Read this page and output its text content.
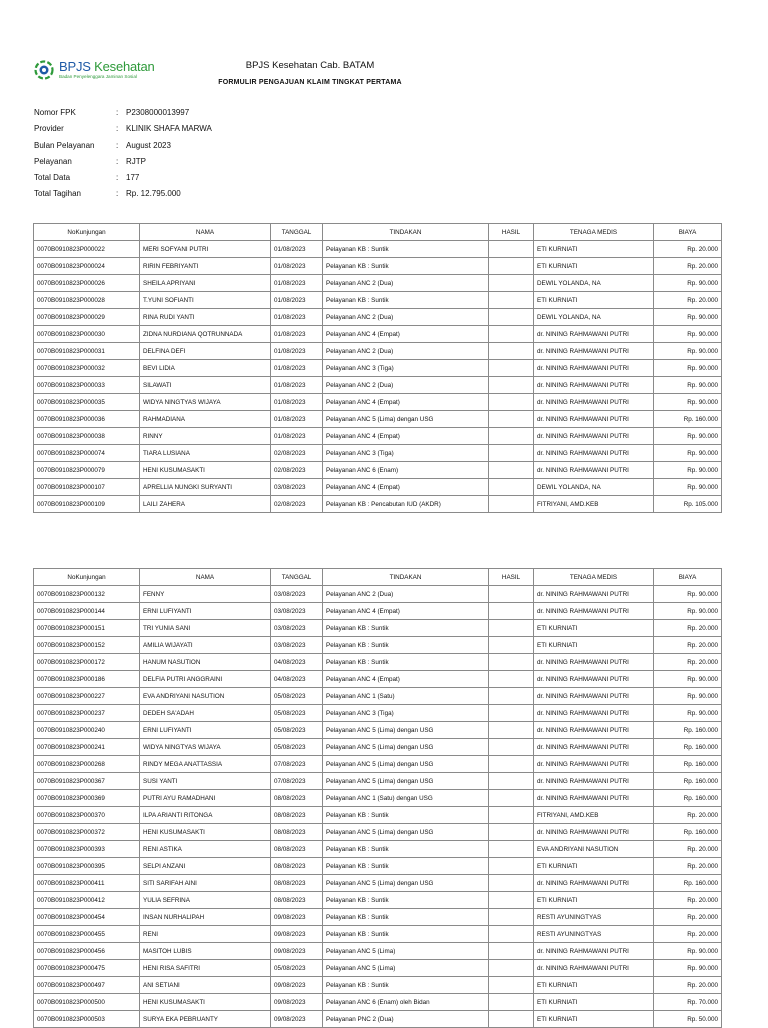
BPJS Kesehatan
Badan Penyelenggara Jaminan Sosial
BPJS Kesehatan Cab. BATAM
FORMULIR PENGAJUAN KLAIM TINGKAT PERTAMA
Nomor FPK	: P2308000013997
Provider	: KLINIK SHAFA MARWA
Bulan Pelayanan	: August 2023
Pelayanan	: RJTP
Total Data	: 177
Total Tagihan	: Rp. 12.795.000
NoKunjungan	NAMA	TANGGAL	TINDAKAN	HASIL	TENAGA MEDIS	BIAYA
0070B0910823P000022	MERI SOFYANI PUTRI	01/08/2023	Pelayanan KB : Suntik		ETI KURNIATI	Rp. 20.000
0070B0910823P000024	RIRIN FEBRIYANTI	01/08/2023	Pelayanan KB : Suntik		ETI KURNIATI	Rp. 20.000
0070B0910823P000026	SHEILA APRIYANI	01/08/2023	Pelayanan ANC 2 (Dua)		DEWIL YOLANDA, NA	Rp. 90.000
0070B0910823P000028	T.YUNI SOFIANTI	01/08/2023	Pelayanan KB : Suntik		ETI KURNIATI	Rp. 20.000
0070B0910823P000029	RINA RUDI YANTI	01/08/2023	Pelayanan ANC 2 (Dua)		DEWIL YOLANDA, NA	Rp. 90.000
0070B0910823P000030	ZIDNA NURDIANA QOTRUNNADA	01/08/2023	Pelayanan ANC 4 (Empat)		dr. NINING RAHMAWANI PUTRI	Rp. 90.000
0070B0910823P000031	DELFINA DEFI	01/08/2023	Pelayanan ANC 2 (Dua)		dr. NINING RAHMAWANI PUTRI	Rp. 90.000
0070B0910823P000032	BEVI LIDIA	01/08/2023	Pelayanan ANC 3 (Tiga)		dr. NINING RAHMAWANI PUTRI	Rp. 90.000
0070B0910823P000033	SILAWATI	01/08/2023	Pelayanan ANC 2 (Dua)		dr. NINING RAHMAWANI PUTRI	Rp. 90.000
0070B0910823P000035	WIDYA NINGTYAS WIJAYA	01/08/2023	Pelayanan ANC 4 (Empat)		dr. NINING RAHMAWANI PUTRI	Rp. 90.000
0070B0910823P000036	RAHMADIANA	01/08/2023	Pelayanan ANC 5 (Lima) dengan USG		dr. NINING RAHMAWANI PUTRI	Rp. 160.000
0070B0910823P000038	RINNY	01/08/2023	Pelayanan ANC 4 (Empat)		dr. NINING RAHMAWANI PUTRI	Rp. 90.000
0070B0910823P000074	TIARA LUSIANA	02/08/2023	Pelayanan ANC 3 (Tiga)		dr. NINING RAHMAWANI PUTRI	Rp. 90.000
0070B0910823P000079	HENI KUSUMASAKTI	02/08/2023	Pelayanan ANC 6 (Enam)		dr. NINING RAHMAWANI PUTRI	Rp. 90.000
0070B0910823P000107	APRELLIA NUNGKI SURYANTI	03/08/2023	Pelayanan ANC 4 (Empat)		DEWIL YOLANDA, NA	Rp. 90.000
0070B0910823P000109	LAILI ZAHERA	02/08/2023	Pelayanan KB : Pencabutan IUD (AKDR)		FITRIYANI, AMD.KEB	Rp. 105.000
NoKunjungan	NAMA	TANGGAL	TINDAKAN	HASIL	TENAGA MEDIS	BIAYA
0070B0910823P000132	FENNY	03/08/2023	Pelayanan ANC 2 (Dua)		dr. NINING RAHMAWANI PUTRI	Rp. 90.000
0070B0910823P000144	ERNI LUFIYANTI	03/08/2023	Pelayanan ANC 4 (Empat)		dr. NINING RAHMAWANI PUTRI	Rp. 90.000
0070B0910823P000151	TRI YUNIA SANI	03/08/2023	Pelayanan KB : Suntik		ETI KURNIATI	Rp. 20.000
0070B0910823P000152	AMILIA WIJAYATI	03/08/2023	Pelayanan KB : Suntik		ETI KURNIATI	Rp. 20.000
0070B0910823P000172	HANUM NASUTION	04/08/2023	Pelayanan KB : Suntik		dr. NINING RAHMAWANI PUTRI	Rp. 20.000
0070B0910823P000186	DELFIA PUTRI ANGGRAINI	04/08/2023	Pelayanan ANC 4 (Empat)		dr. NINING RAHMAWANI PUTRI	Rp. 90.000
0070B0910823P000227	EVA ANDRIYANI NASUTION	05/08/2023	Pelayanan ANC 1 (Satu)		dr. NINING RAHMAWANI PUTRI	Rp. 90.000
0070B0910823P000237	DEDEH SA'ADAH	05/08/2023	Pelayanan ANC 3 (Tiga)		dr. NINING RAHMAWANI PUTRI	Rp. 90.000
0070B0910823P000240	ERNI LUFIYANTI	05/08/2023	Pelayanan ANC 5 (Lima) dengan USG		dr. NINING RAHMAWANI PUTRI	Rp. 160.000
0070B0910823P000241	WIDYA NINGTYAS WIJAYA	05/08/2023	Pelayanan ANC 5 (Lima) dengan USG		dr. NINING RAHMAWANI PUTRI	Rp. 160.000
0070B0910823P000268	RINDY MEGA ANATTASSIA	07/08/2023	Pelayanan ANC 5 (Lima) dengan USG		dr. NINING RAHMAWANI PUTRI	Rp. 160.000
0070B0910823P000367	SUSI YANTI	07/08/2023	Pelayanan ANC 5 (Lima) dengan USG		dr. NINING RAHMAWANI PUTRI	Rp. 160.000
0070B0910823P000369	PUTRI AYU RAMADHANI	08/08/2023	Pelayanan ANC 1 (Satu) dengan USG		dr. NINING RAHMAWANI PUTRI	Rp. 160.000
0070B0910823P000370	ILPA ARIANTI RITONGA	08/08/2023	Pelayanan KB : Suntik		FITRIYANI, AMD.KEB	Rp. 20.000
0070B0910823P000372	HENI KUSUMASAKTI	08/08/2023	Pelayanan ANC 5 (Lima) dengan USG		dr. NINING RAHMAWANI PUTRI	Rp. 160.000
0070B0910823P000393	RENI ASTIKA	08/08/2023	Pelayanan KB : Suntik		EVA ANDRIYANI NASUTION	Rp. 20.000
0070B0910823P000395	SELPI ANZANI	08/08/2023	Pelayanan KB : Suntik		ETI KURNIATI	Rp. 20.000
0070B0910823P000411	SITI SARIFAH AINI	08/08/2023	Pelayanan ANC 5 (Lima) dengan USG		dr. NINING RAHMAWANI PUTRI	Rp. 160.000
0070B0910823P000412	YULIA SEFRINA	08/08/2023	Pelayanan KB : Suntik		ETI KURNIATI	Rp. 20.000
0070B0910823P000454	INSAN NURHALIPAH	09/08/2023	Pelayanan KB : Suntik		RESTI AYUNINGTYAS	Rp. 20.000
0070B0910823P000455	RENI	09/08/2023	Pelayanan KB : Suntik		RESTI AYUNINGTYAS	Rp. 20.000
0070B0910823P000456	MASITOH LUBIS	09/08/2023	Pelayanan ANC 5 (Lima)		dr. NINING RAHMAWANI PUTRI	Rp. 90.000
0070B0910823P000475	HENI RISA SAFITRI	05/08/2023	Pelayanan ANC 5 (Lima)		dr. NINING RAHMAWANI PUTRI	Rp. 90.000
0070B0910823P000497	ANI SETIANI	09/08/2023	Pelayanan KB : Suntik		ETI KURNIATI	Rp. 20.000
0070B0910823P000500	HENI KUSUMASAKTI	09/08/2023	Pelayanan ANC 6 (Enam) oleh Bidan		ETI KURNIATI	Rp. 70.000
0070B0910823P000503	SURYA EKA PEBRUANTY	09/08/2023	Pelayanan PNC 2 (Dua)		ETI KURNIATI	Rp. 50.000
